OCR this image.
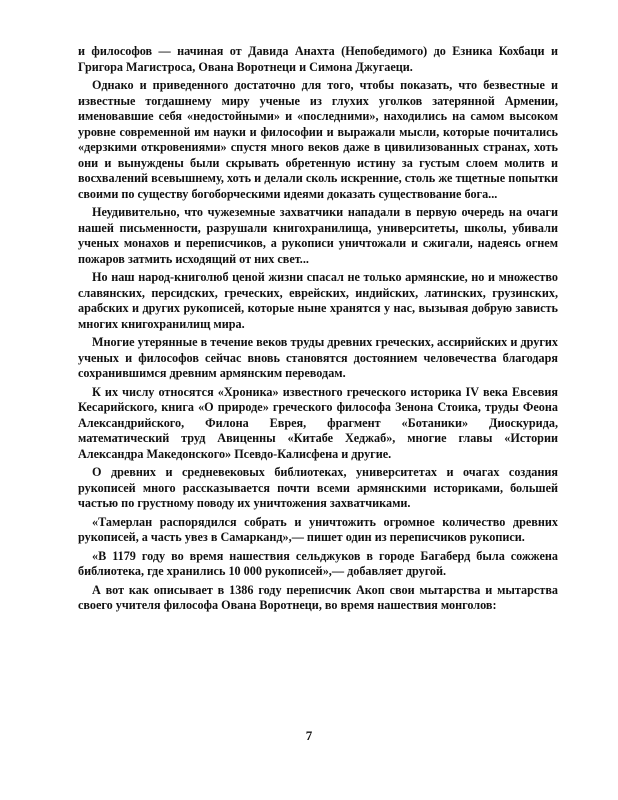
и философов — начиная от Давида Анахта (Непобедимого) до Езника Кохбаци и Григора Магистроса, Ована Воротнеци и Симона Джугаеци.

Однако и приведенного достаточно для того, чтобы показать, что безвестные и известные тогдашнему миру ученые из глухих уголков затерянной Армении, именовавшие себя «недостойными» и «последними», находились на самом высоком уровне современной им науки и философии и выражали мысли, которые почитались «дерзкими откровениями» спустя много веков даже в цивилизованных странах, хоть они и вынуждены были скрывать обретенную истину за густым слоем молитв и восхвалений всевышнему, хоть и делали сколь искренние, столь же тщетные попытки своими по существу богоборческими идеями доказать существование бога...

Неудивительно, что чужеземные захватчики нападали в первую очередь на очаги нашей письменности, разрушали книгохранилища, университеты, школы, убивали ученых монахов и переписчиков, а рукописи уничтожали и сжигали, надеясь огнем пожаров затмить исходящий от них свет...

Но наш народ-книголюб ценой жизни спасал не только армянские, но и множество славянских, персидских, греческих, еврейских, индийских, латинских, грузинских, арабских и других рукописей, которые ныне хранятся у нас, вызывая добрую зависть многих книгохранилищ мира.

Многие утерянные в течение веков труды древних греческих, ассирийских и других ученых и философов сейчас вновь становятся достоянием человечества благодаря сохранившимся древним армянским переводам.

К их числу относятся «Хроника» известного греческого историка IV века Евсевия Кесарийского, книга «О природе» греческого философа Зенона Стоика, труды Феона Александрийского, Филона Еврея, фрагмент «Ботаники» Диоскурида, математический труд Авиценны «Китабе Хеджаб», многие главы «Истории Александра Македонского» Псевдо-Калисфена и другие.

О древних и средневековых библиотеках, университетах и очагах создания рукописей много рассказывается почти всеми армянскими историками, большей частью по грустному поводу их уничтожения захватчиками.

«Тамерлан распорядился собрать и уничтожить огромное количество древних рукописей, а часть увез в Самарканд»,— пишет один из переписчиков рукописи.

«В 1179 году во время нашествия сельджуков в городе Багаберд была сожжена библиотека, где хранились 10 000 рукописей»,— добавляет другой.

А вот как описывает в 1386 году переписчик Акоп свои мытарства и мытарства своего учителя философа Ована Воротнеци, во время нашествия монголов:

7
